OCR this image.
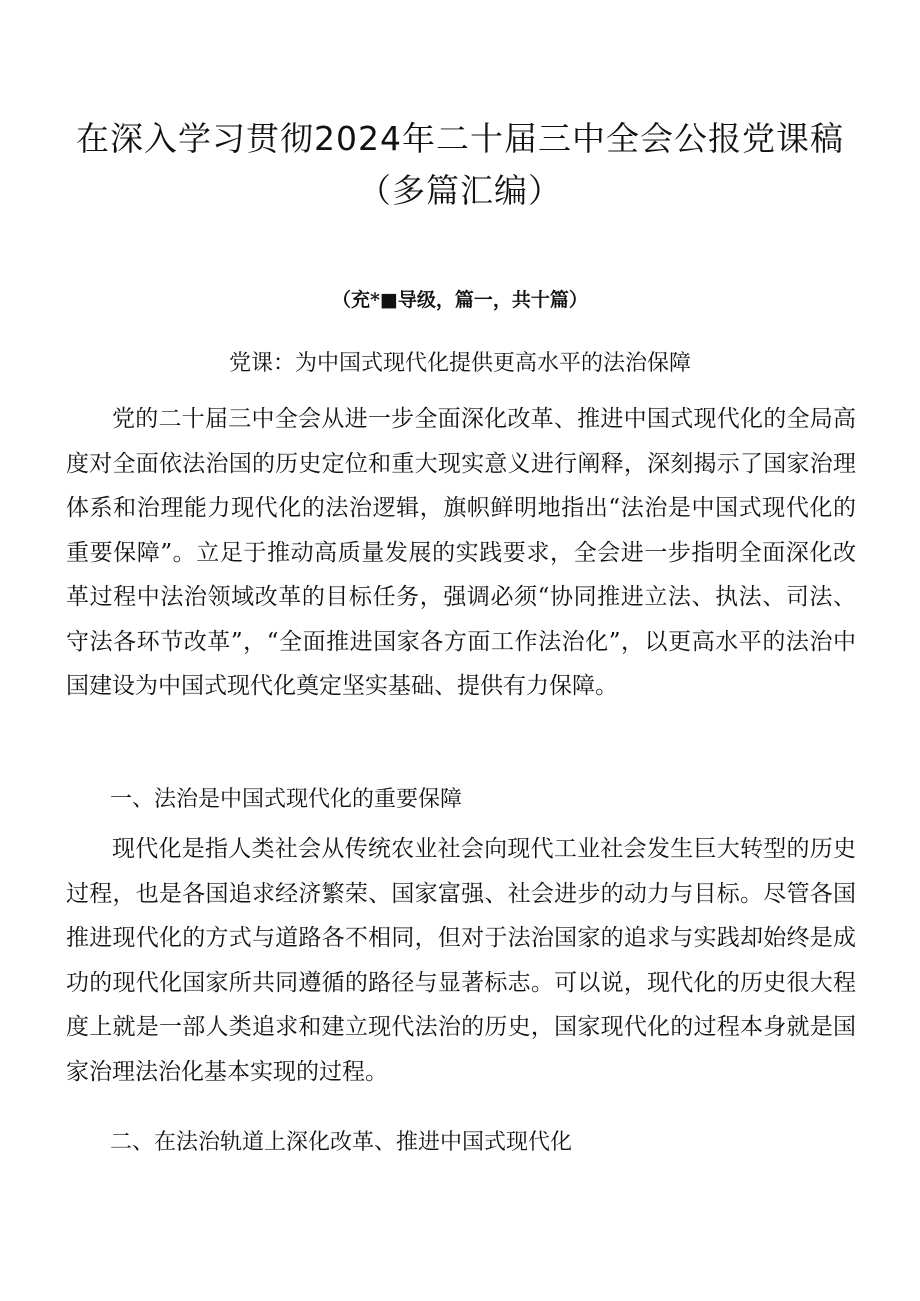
在深入学习贯彻2024年二十届三中全会公报党课稿
（多篇汇编）
（充*■导级，篇一，共十篇）
党课：为中国式现代化提供更高水平的法治保障

党的二十届三中全会从进一步全面深化改革、推进中国式现代化的全局高度对全面依法治国的历史定位和重大现实意义进行阐释，深刻揭示了国家治理体系和治理能力现代化的法治逻辑，旗帜鲜明地指出“法治是中国式现代化的重要保障”。立足于推动高质量发展的实践要求，全会进一步指明全面深化改革过程中法治领域改革的目标任务，强调必须“协同推进立法、执法、司法、守法各环节改革”，“全面推进国家各方面工作法治化”，以更高水平的法治中国建设为中国式现代化奠定坚实基础、提供有力保障。

一、法治是中国式现代化的重要保障

现代化是指人类社会从传统农业社会向现代工业社会发生巨大转型的历史过程，也是各国追求经济繁荣、国家富强、社会进步的动力与目标。尽管各国推进现代化的方式与道路各不相同，但对于法治国家的追求与实践却始终是成功的现代化国家所共同遵循的路径与显著标志。可以说，现代化的历史很大程度上就是一部人类追求和建立现代法治的历史，国家现代化的过程本身就是国家治理法治化基本实现的过程。

二、在法治轨道上深化改革、推进中国式现代化
